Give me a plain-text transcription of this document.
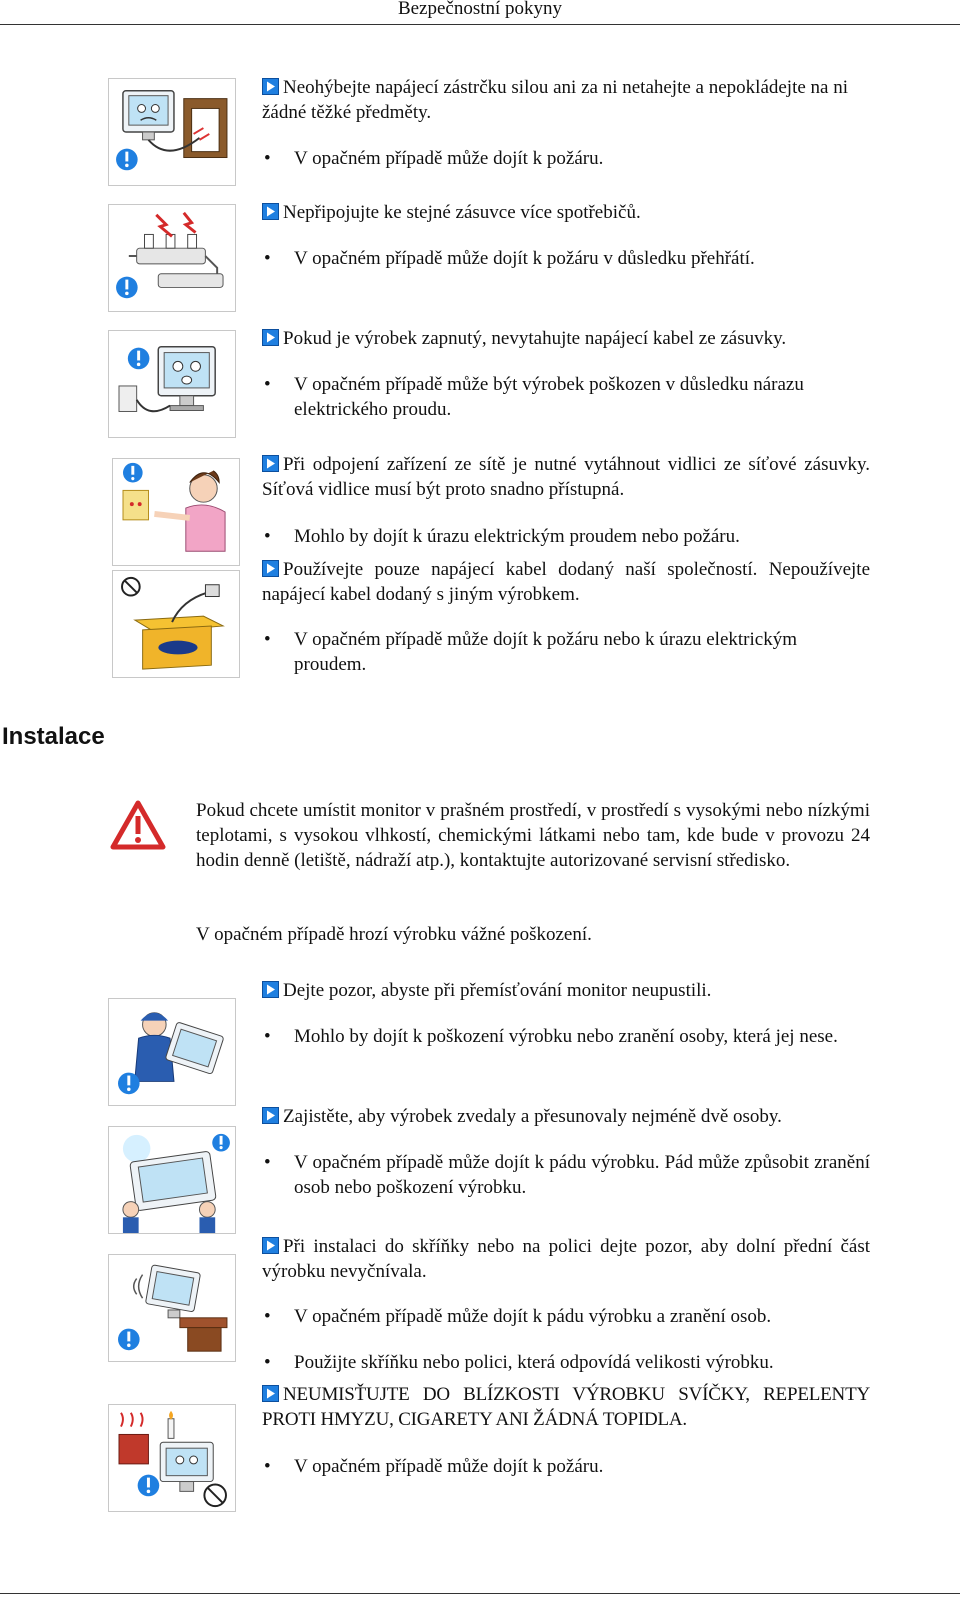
Bezpečnostní pokyny
Neohýbejte napájecí zástrčku silou ani za ni netahejte a nepokládejte na ni žádné těžké předměty.
• V opačném případě může dojít k požáru.
Nepřipojujte ke stejné zásuvce více spotřebičů.
• V opačném případě může dojít k požáru v důsledku přehřátí.
Pokud je výrobek zapnutý, nevytahujte napájecí kabel ze zásuvky.
• V opačném případě může být výrobek poškozen v důsledku nárazu elektrického proudu.
Při odpojení zařízení ze sítě je nutné vytáhnout vidlici ze síťové zásuvky. Síťová vidlice musí být proto snadno přístupná.
• Mohlo by dojít k úrazu elektrickým proudem nebo požáru.
Používejte pouze napájecí kabel dodaný naší společností. Nepoužívejte napájecí kabel dodaný s jiným výrobkem.
• V opačném případě může dojít k požáru nebo k úrazu elektrickým proudem.
Instalace
Pokud chcete umístit monitor v prašném prostředí, v prostředí s vysokými nebo nízkými teplotami, s vysokou vlhkostí, chemickými látkami nebo tam, kde bude v provozu 24 hodin denně (letiště, nádraží atp.), kontaktujte autorizované servisní středisko.
V opačném případě hrozí výrobku vážné poškození.
Dejte pozor, abyste při přemísťování monitor neupustili.
• Mohlo by dojít k poškození výrobku nebo zranění osoby, která jej nese.
Zajistěte, aby výrobek zvedaly a přesunovaly nejméně dvě osoby.
• V opačném případě může dojít k pádu výrobku. Pád může způsobit zranění osob nebo poškození výrobku.
Při instalaci do skříňky nebo na polici dejte pozor, aby dolní přední část výrobku nevyčnívala.
• V opačném případě může dojít k pádu výrobku a zranění osob.
• Použijte skříňku nebo polici, která odpovídá velikosti výrobku.
NEUMISŤUJTE DO BLÍZKOSTI VÝROBKU SVÍČKY, REPELENTY PROTI HMYZU, CIGARETY ANI ŽÁDNÁ TOPIDLA.
• V opačném případě může dojít k požáru.
